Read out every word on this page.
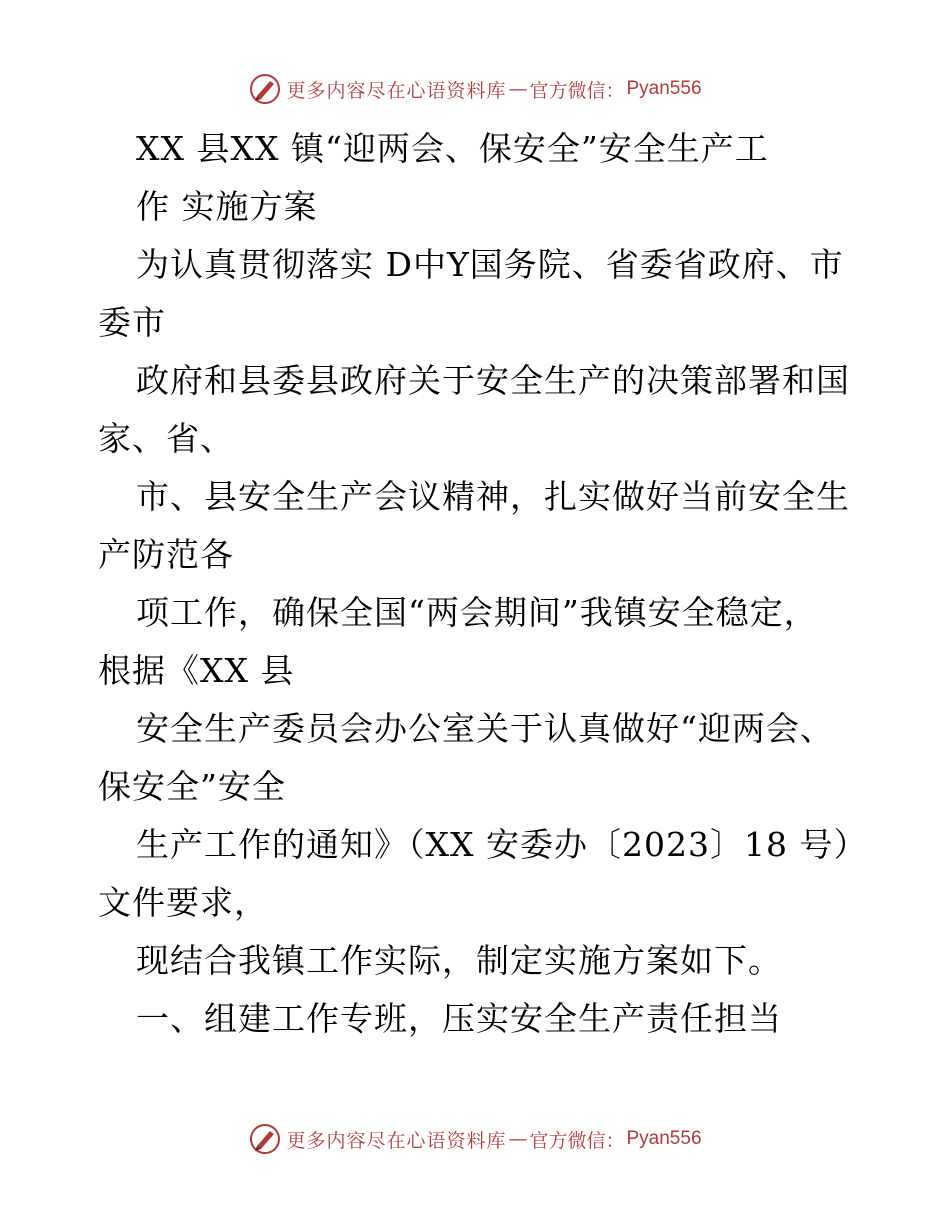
更多内容尽在心语资料库 — 官方微信： Pyan556
XX 县XX 镇“迎两会、保安全”安全生产工
作 实施方案
为认真贯彻落实 D中Y国务院、省委省政府、市
委市
政府和县委县政府关于安全生产的决策部署和国
家、省、
市、县安全生产会议精神，扎实做好当前安全生
产防范各
项工作，确保全国“两会期间”我镇安全稳定，
根据《XX 县
安全生产委员会办公室关于认真做好“迎两会、
保安全”安全
生产工作的通知》（XX 安委办〔2023〕18 号）
文件要求，
现结合我镇工作实际，制定实施方案如下。
一、组建工作专班，压实安全生产责任担当
更多内容尽在心语资料库 — 官方微信： Pyan556
